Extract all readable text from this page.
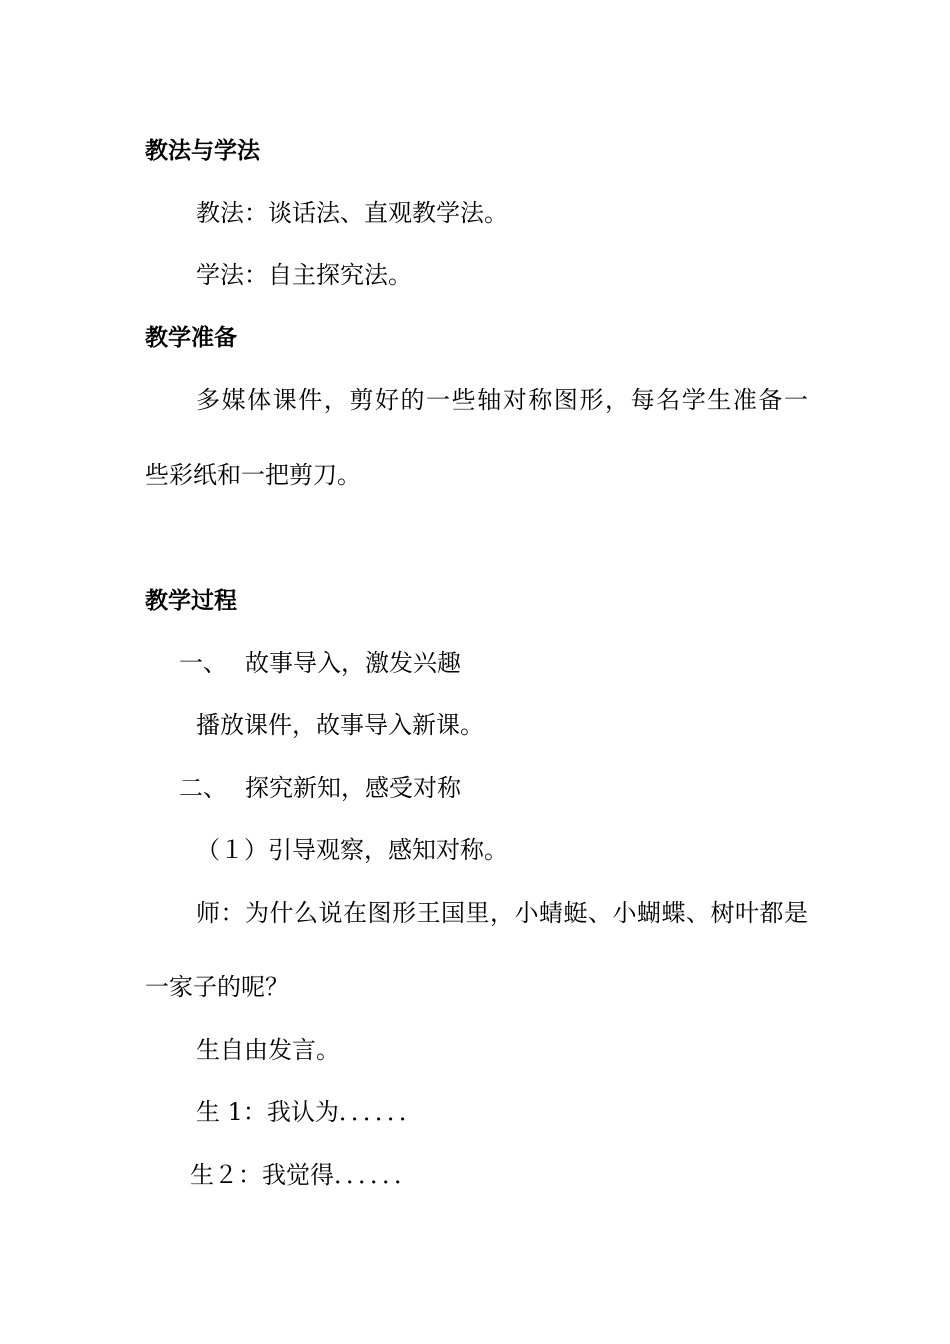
教法与学法
教法：谈话法、直观教学法。
学法：自主探究法。
教学准备
多媒体课件，剪好的一些轴对称图形，每名学生准备一
些彩纸和一把剪刀。
教学过程
一、 故事导入，激发兴趣
播放课件，故事导入新课。
二、 探究新知，感受对称
（１）引导观察，感知对称。
师：为什么说在图形王国里，小蜻蜓、小蝴蝶、树叶都是
一家子的呢？
生自由发言。
生 1：我认为．．．．．．
生２：我觉得．．．．．．
